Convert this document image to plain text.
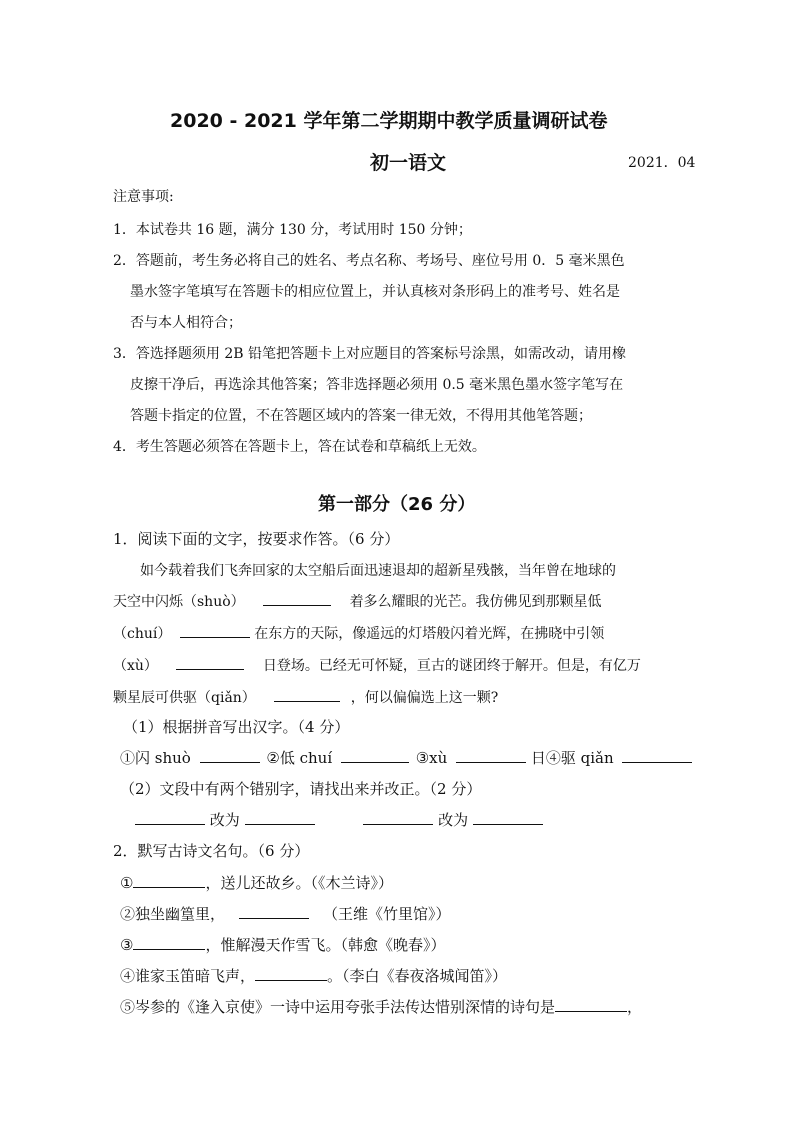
2020 - 2021 学年第二学期期中教学质量调研试卷
初一语文	2021．04
注意事项:
1．本试卷共 16 题，满分 130 分，考试用时 150 分钟；
2．答题前，考生务必将自己的姓名、考点名称、考场号、座位号用 0．5 毫米黑色
墨水签字笔填写在答题卡的相应位置上，并认真核对条形码上的准考号、姓名是
否与本人相符合；
3．答选择题须用 2B 铅笔把答题卡上对应题目的答案标号涂黑，如需改动，请用橡
皮擦干净后，再选涂其他答案；答非选择题必须用 0.5 毫米黑色墨水签字笔写在
答题卡指定的位置，不在答题区域内的答案一律无效，不得用其他笔答题；
4．考生答题必须答在答题卡上，答在试卷和草稿纸上无效。
第一部分（26 分）
1．阅读下面的文字，按要求作答。（6 分）
如今载着我们飞奔回家的太空船后面迅速退却的超新星残骸，当年曾在地球的
天空中闪烁（shuò）	着多么耀眼的光芒。我仿佛见到那颗星低
（chuí）	在东方的天际，像遥远的灯塔般闪着光辉，在拂晓中引领
（xù）	日登场。已经无可怀疑，亘古的谜团终于解开。但是，有亿万
颗星辰可供驱（qiǎn）	，何以偏偏选上这一颗?
（1）根据拼音写出汉字。（4 分）
①闪 shuò	②低 chuí	③xù	日④驱 qiǎn
（2）文段中有两个错别字，请找出来并改正。（2 分）
改为	改为
2．默写古诗文名句。（6 分）
①	，送儿还故乡。（《木兰诗》）
②独坐幽篁里，	（王维《竹里馆》）
③	，惟解漫天作雪飞。（韩愈《晚春》）
④谁家玉笛暗飞声，	。（李白《春夜洛城闻笛》）
⑤岑参的《逢入京使》一诗中运用夸张手法传达惜别深情的诗句是	，
